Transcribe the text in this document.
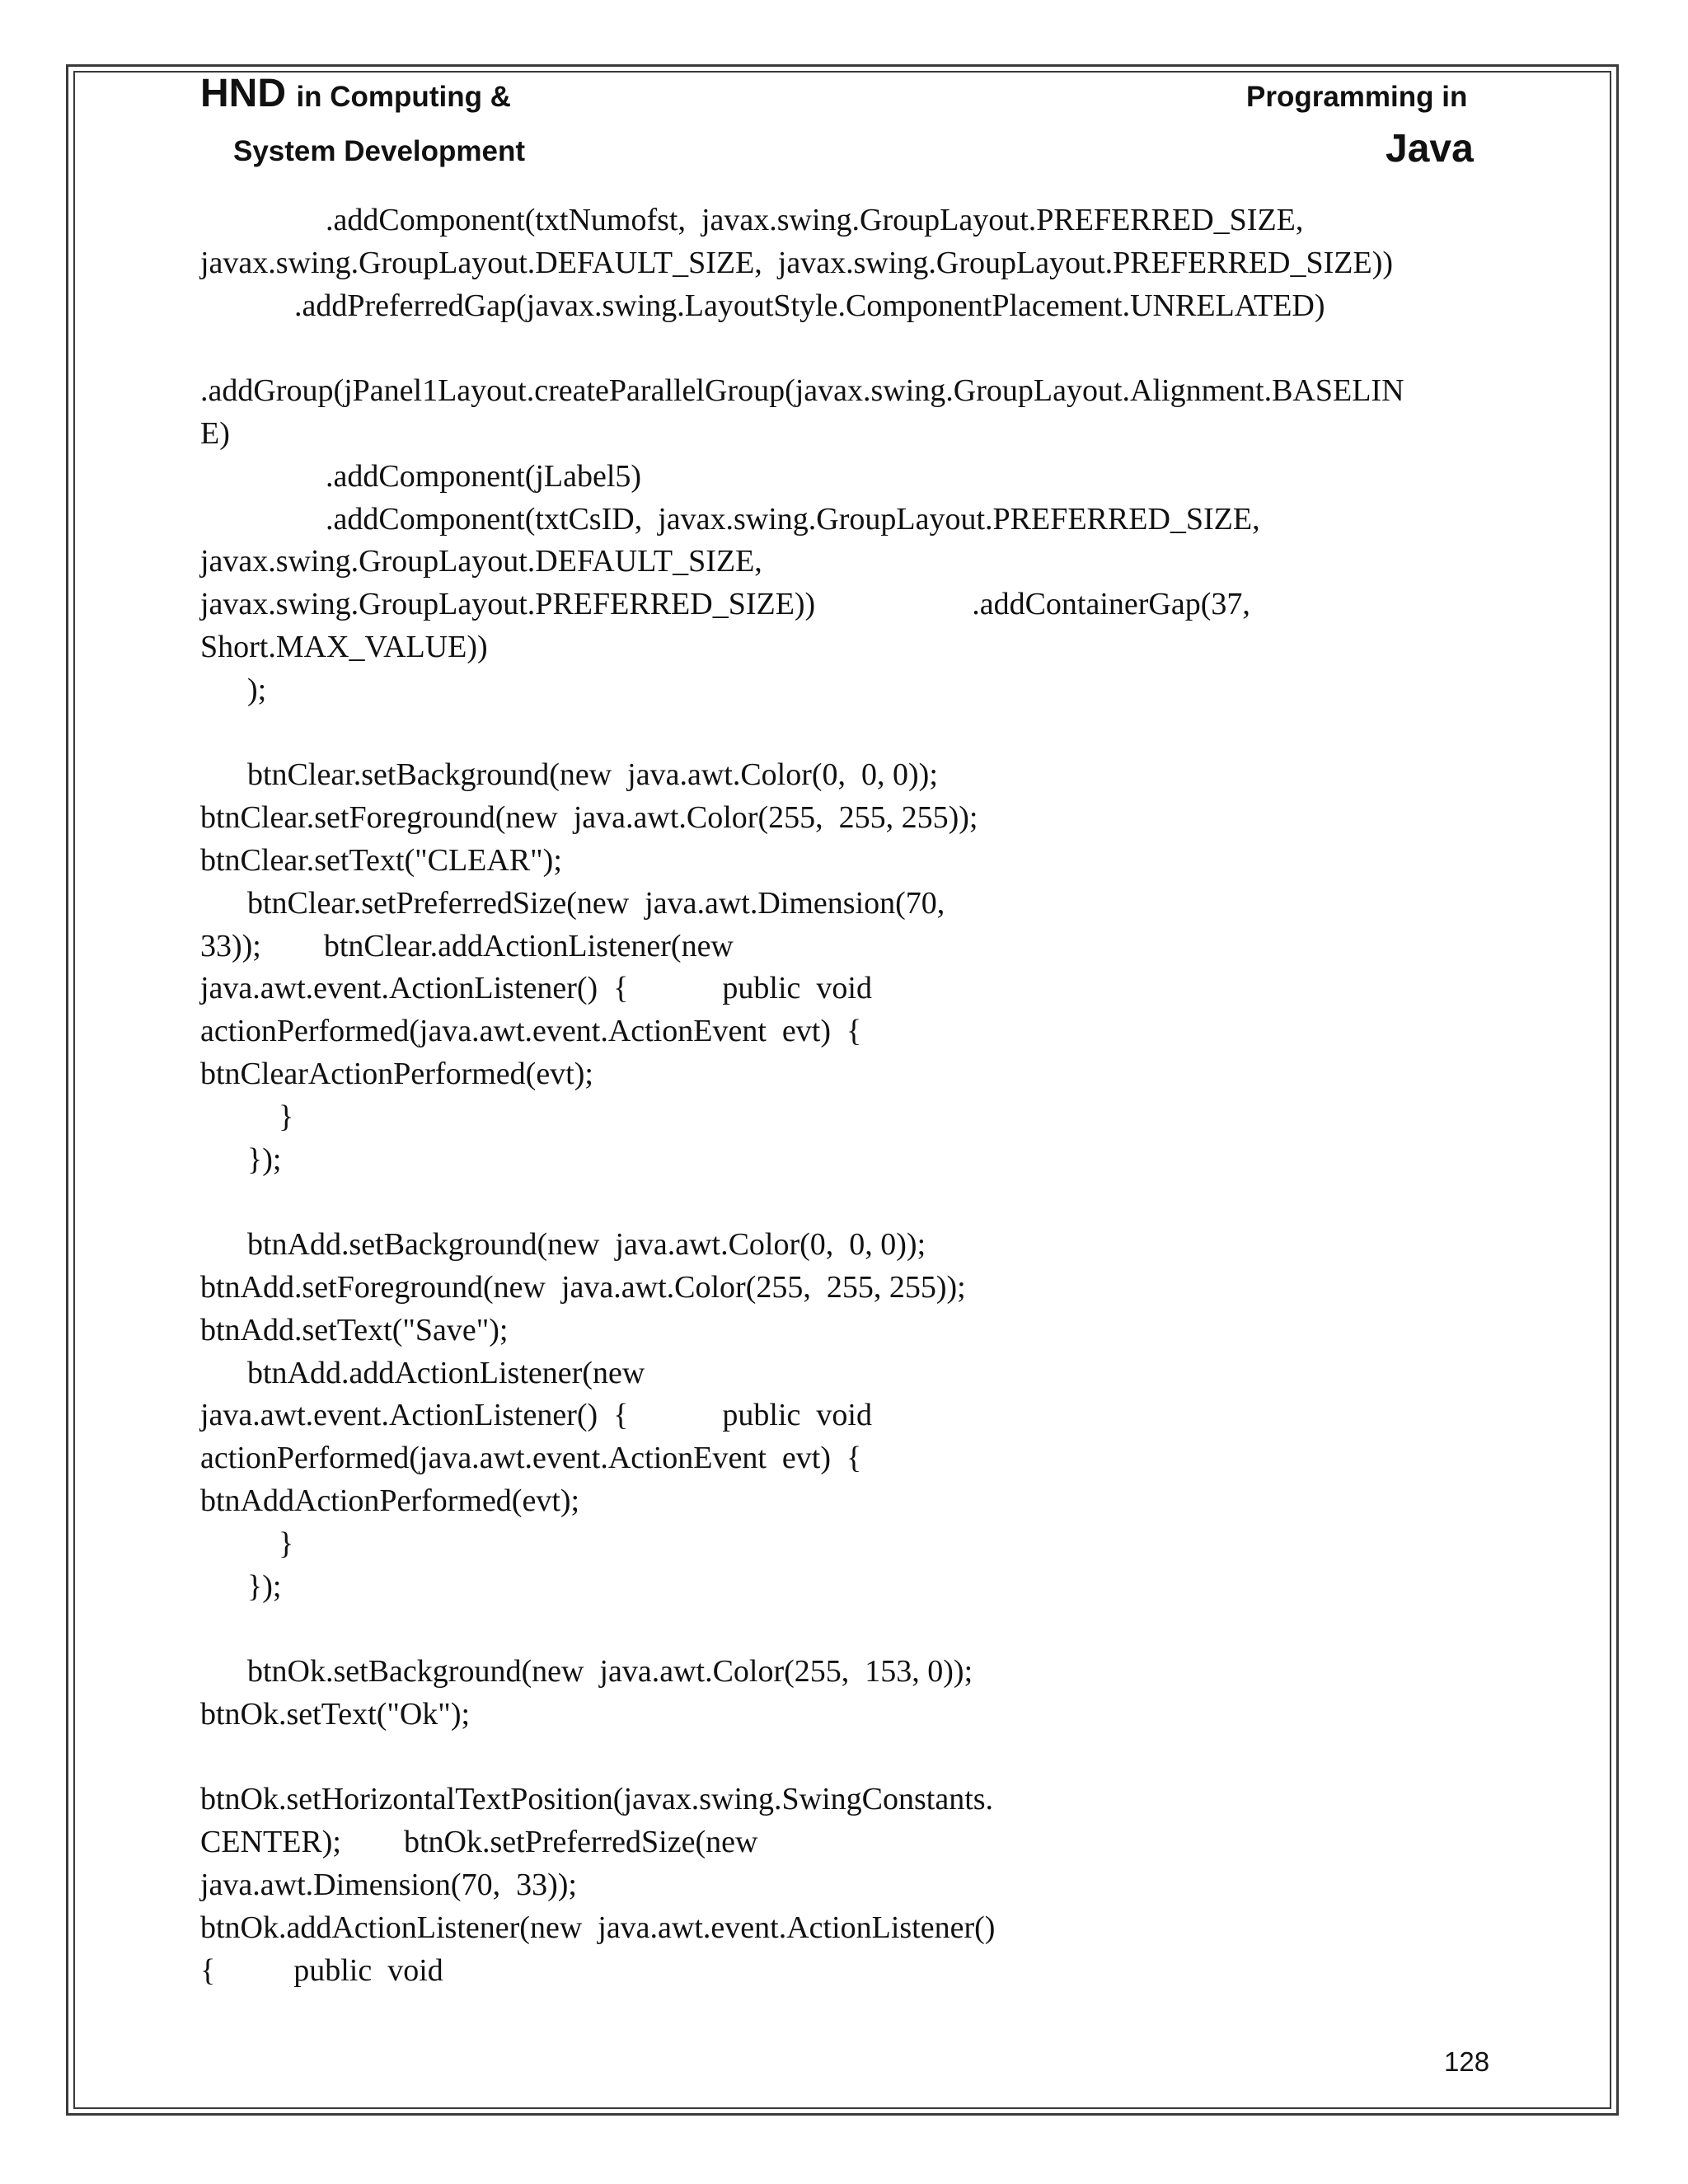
HND in Computing &
System Development
Programming in
Java
.addComponent(txtNumofst,  javax.swing.GroupLayout.PREFERRED_SIZE,
javax.swing.GroupLayout.DEFAULT_SIZE,  javax.swing.GroupLayout.PREFERRED_SIZE))
.addPreferredGap(javax.swing.LayoutStyle.ComponentPlacement.UNRELATED)
.addGroup(jPanel1Layout.createParallelGroup(javax.swing.GroupLayout.Alignment.BASELIN
E)
.addComponent(jLabel5)
.addComponent(txtCsID,  javax.swing.GroupLayout.PREFERRED_SIZE,
javax.swing.GroupLayout.DEFAULT_SIZE,
javax.swing.GroupLayout.PREFERRED_SIZE))                    .addContainerGap(37,
Short.MAX_VALUE))
);
btnClear.setBackground(new  java.awt.Color(0,  0, 0));
btnClear.setForeground(new  java.awt.Color(255,  255, 255));
btnClear.setText("CLEAR");
btnClear.setPreferredSize(new  java.awt.Dimension(70,
33));        btnClear.addActionListener(new
java.awt.event.ActionListener()  {            public  void
actionPerformed(java.awt.event.ActionEvent  evt)  {
btnClearActionPerformed(evt);
}
});
btnAdd.setBackground(new  java.awt.Color(0,  0, 0));
btnAdd.setForeground(new  java.awt.Color(255,  255, 255));
btnAdd.setText("Save");
btnAdd.addActionListener(new
java.awt.event.ActionListener()  {            public  void
actionPerformed(java.awt.event.ActionEvent  evt)  {
btnAddActionPerformed(evt);
}
});
btnOk.setBackground(new  java.awt.Color(255,  153, 0));
btnOk.setText("Ok");
btnOk.setHorizontalTextPosition(javax.swing.SwingConstants.
CENTER);        btnOk.setPreferredSize(new
java.awt.Dimension(70,  33));
btnOk.addActionListener(new  java.awt.event.ActionListener()
{          public  void
128
